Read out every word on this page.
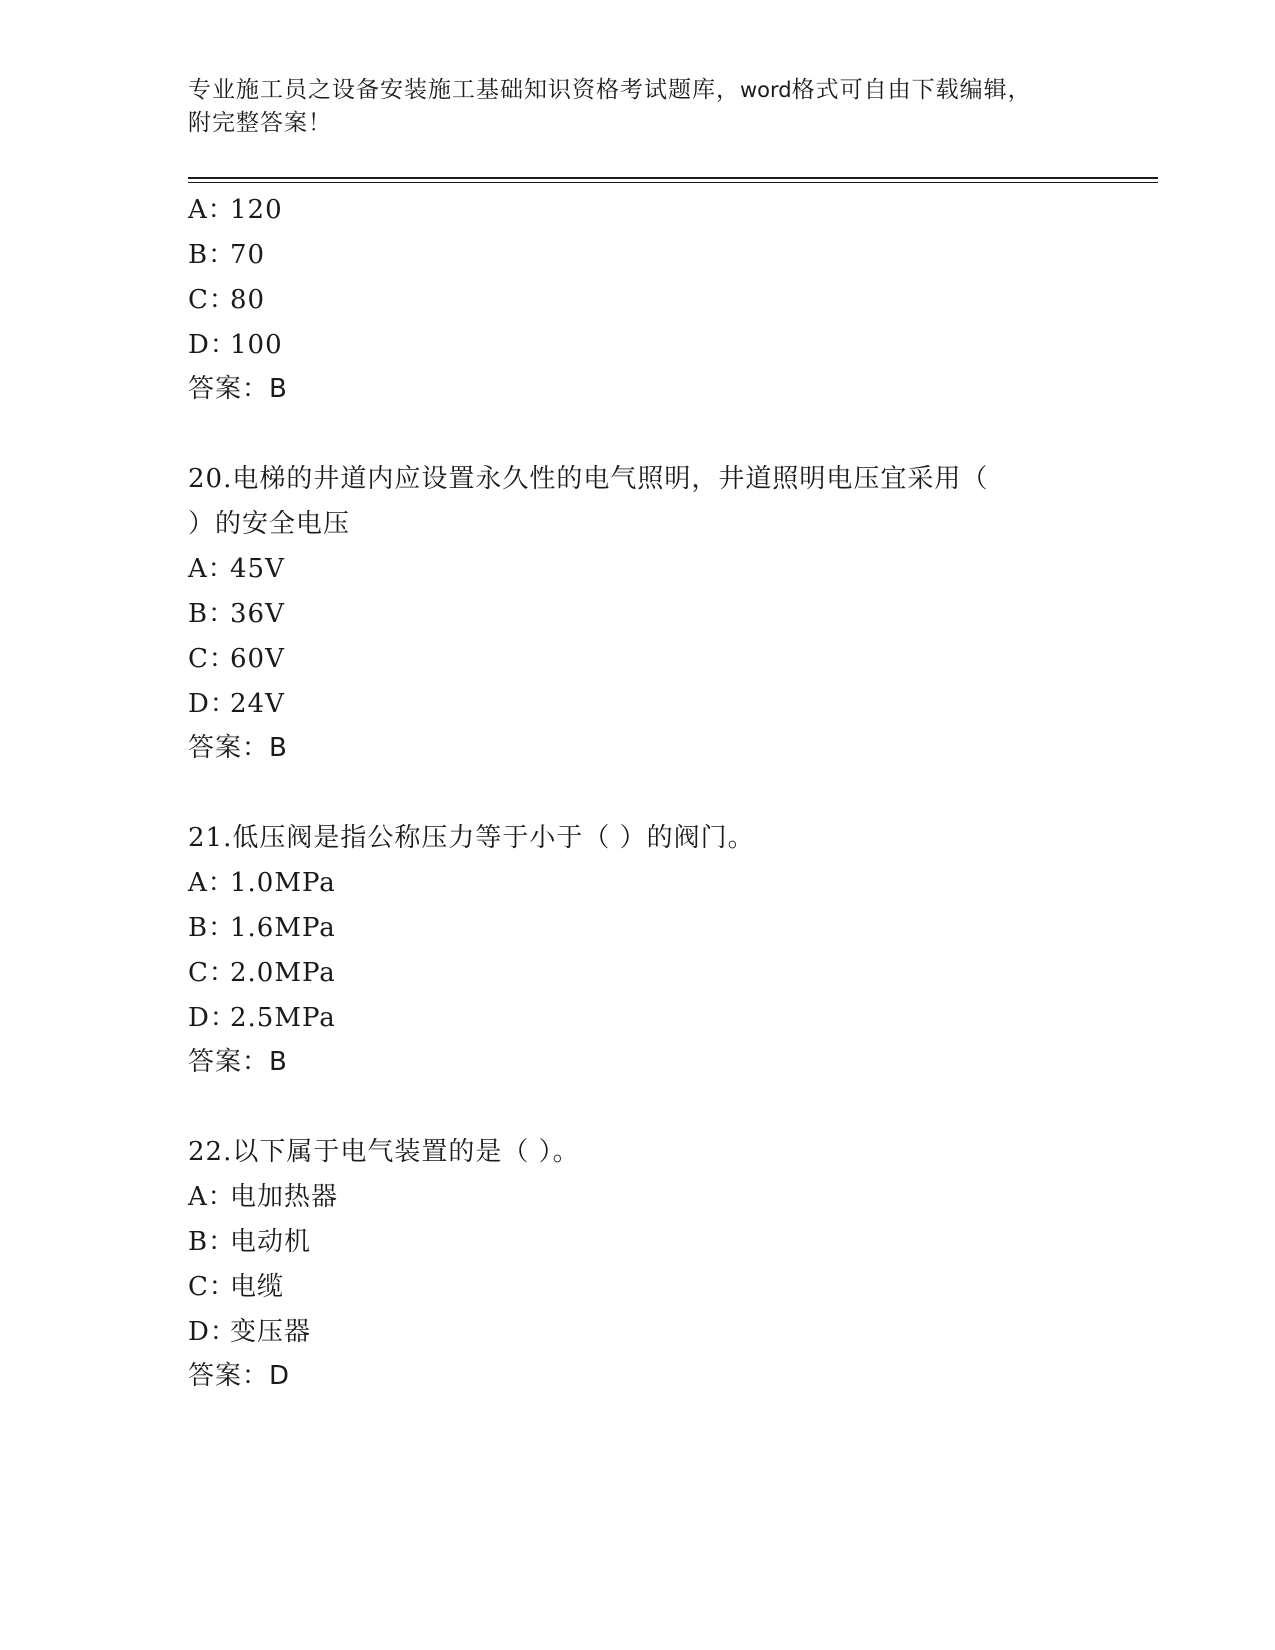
专业施工员之设备安装施工基础知识资格考试题库，word格式可自由下载编辑，
附完整答案！
A：120
B：70
C：80
D：100
答案：B
20.电梯的井道内应设置永久性的电气照明，井道照明电压宜采用（
）的安全电压
A：45V
B：36V
C：60V
D：24V
答案：B
21.低压阀是指公称压力等于小于（ ）的阀门。
A：1.0MPa
B：1.6MPa
C：2.0MPa
D：2.5MPa
答案：B
22.以下属于电气装置的是（ ）。
A：电加热器
B：电动机
C：电缆
D：变压器
答案：D
